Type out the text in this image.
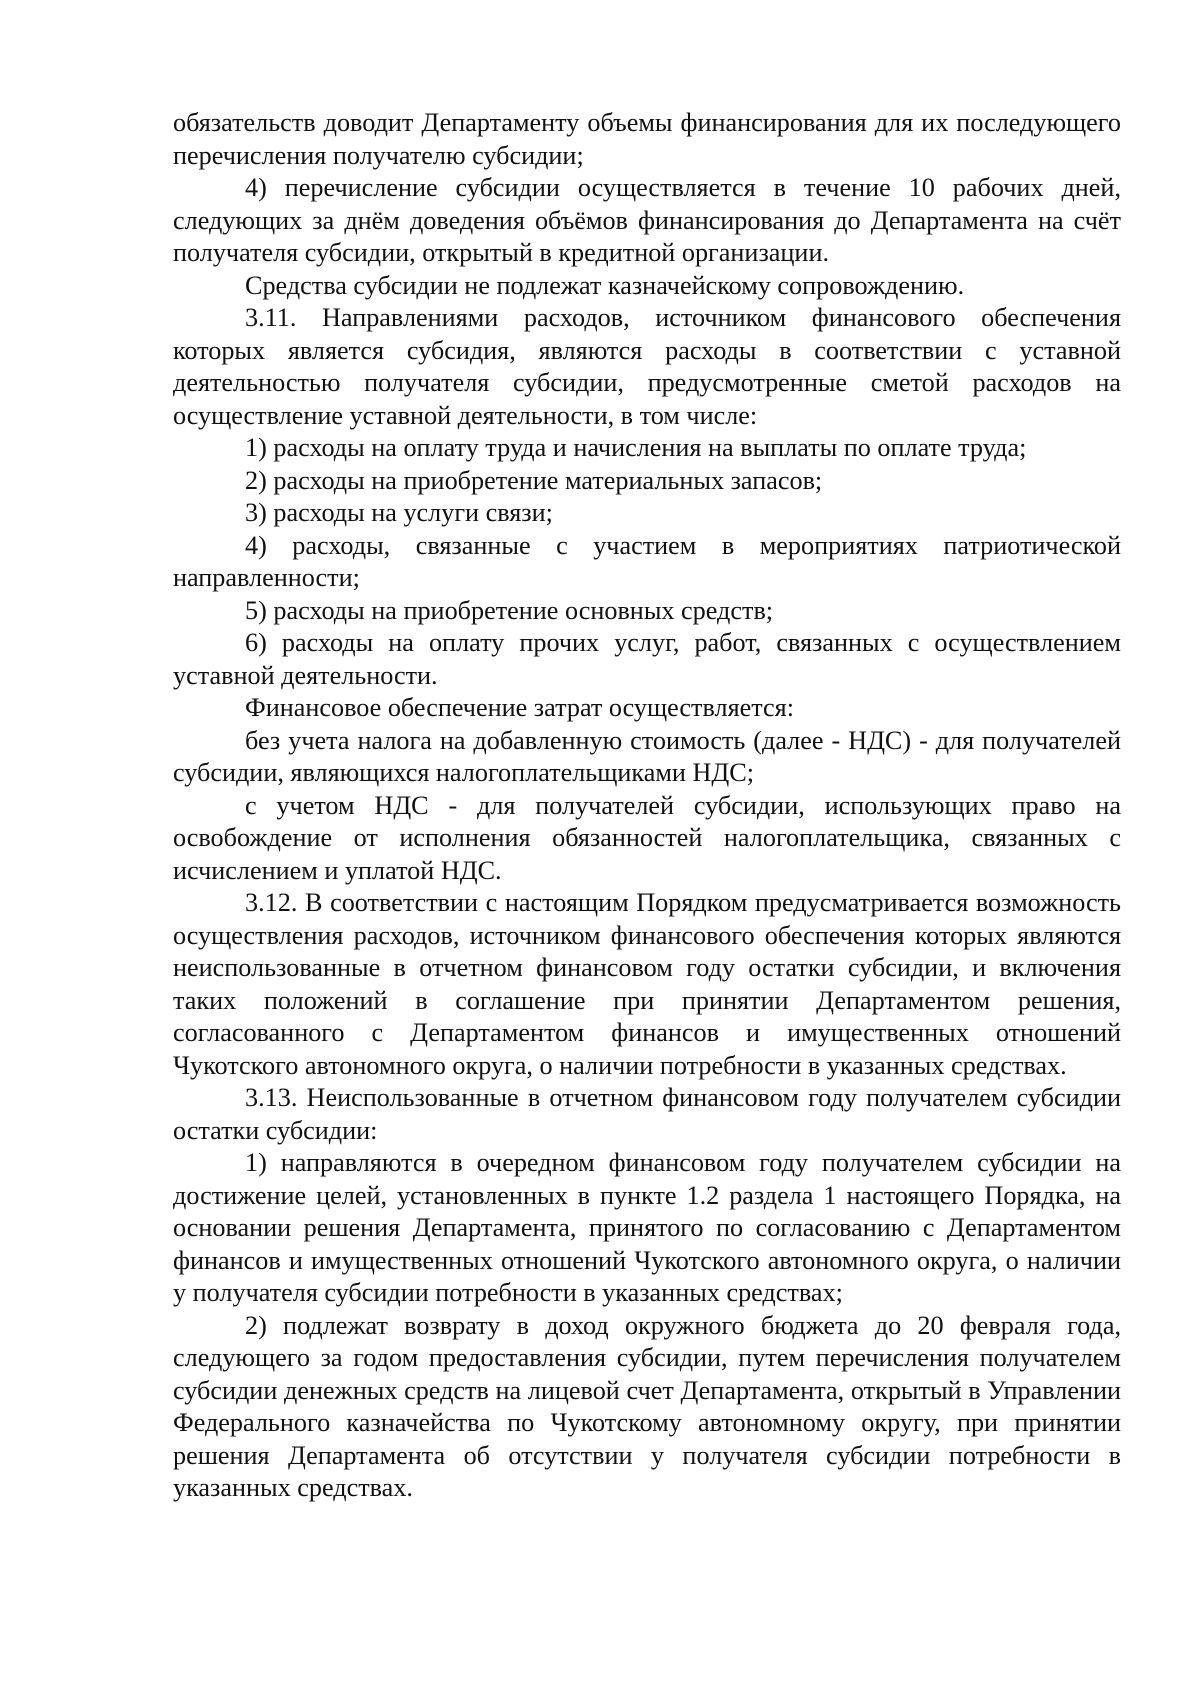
обязательств доводит Департаменту объемы финансирования для их последующего перечисления получателю субсидии;

4) перечисление субсидии осуществляется в течение 10 рабочих дней, следующих за днём доведения объёмов финансирования до Департамента на счёт получателя субсидии, открытый в кредитной организации.

Средства субсидии не подлежат казначейскому сопровождению.

3.11. Направлениями расходов, источником финансового обеспечения которых является субсидия, являются расходы в соответствии с уставной деятельностью получателя субсидии, предусмотренные сметой расходов на осуществление уставной деятельности, в том числе:

1) расходы на оплату труда и начисления на выплаты по оплате труда;

2) расходы на приобретение материальных запасов;

3) расходы на услуги связи;

4) расходы, связанные с участием в мероприятиях патриотической направленности;

5) расходы на приобретение основных средств;

6) расходы на оплату прочих услуг, работ, связанных с осуществлением уставной деятельности.

Финансовое обеспечение затрат осуществляется:

без учета налога на добавленную стоимость (далее - НДС) - для получателей субсидии, являющихся налогоплательщиками НДС;

с учетом НДС - для получателей субсидии, использующих право на освобождение от исполнения обязанностей налогоплательщика, связанных с исчислением и уплатой НДС.

3.12. В соответствии с настоящим Порядком предусматривается возможность осуществления расходов, источником финансового обеспечения которых являются неиспользованные в отчетном финансовом году остатки субсидии, и включения таких положений в соглашение при принятии Департаментом решения, согласованного с Департаментом финансов и имущественных отношений Чукотского автономного округа, о наличии потребности в указанных средствах.

3.13. Неиспользованные в отчетном финансовом году получателем субсидии остатки субсидии:

1) направляются в очередном финансовом году получателем субсидии на достижение целей, установленных в пункте 1.2 раздела 1 настоящего Порядка, на основании решения Департамента, принятого по согласованию с Департаментом финансов и имущественных отношений Чукотского автономного округа, о наличии у получателя субсидии потребности в указанных средствах;

2) подлежат возврату в доход окружного бюджета до 20 февраля года, следующего за годом предоставления субсидии, путем перечисления получателем субсидии денежных средств на лицевой счет Департамента, открытый в Управлении Федерального казначейства по Чукотскому автономному округу, при принятии решения Департамента об отсутствии у получателя субсидии потребности в указанных средствах.
